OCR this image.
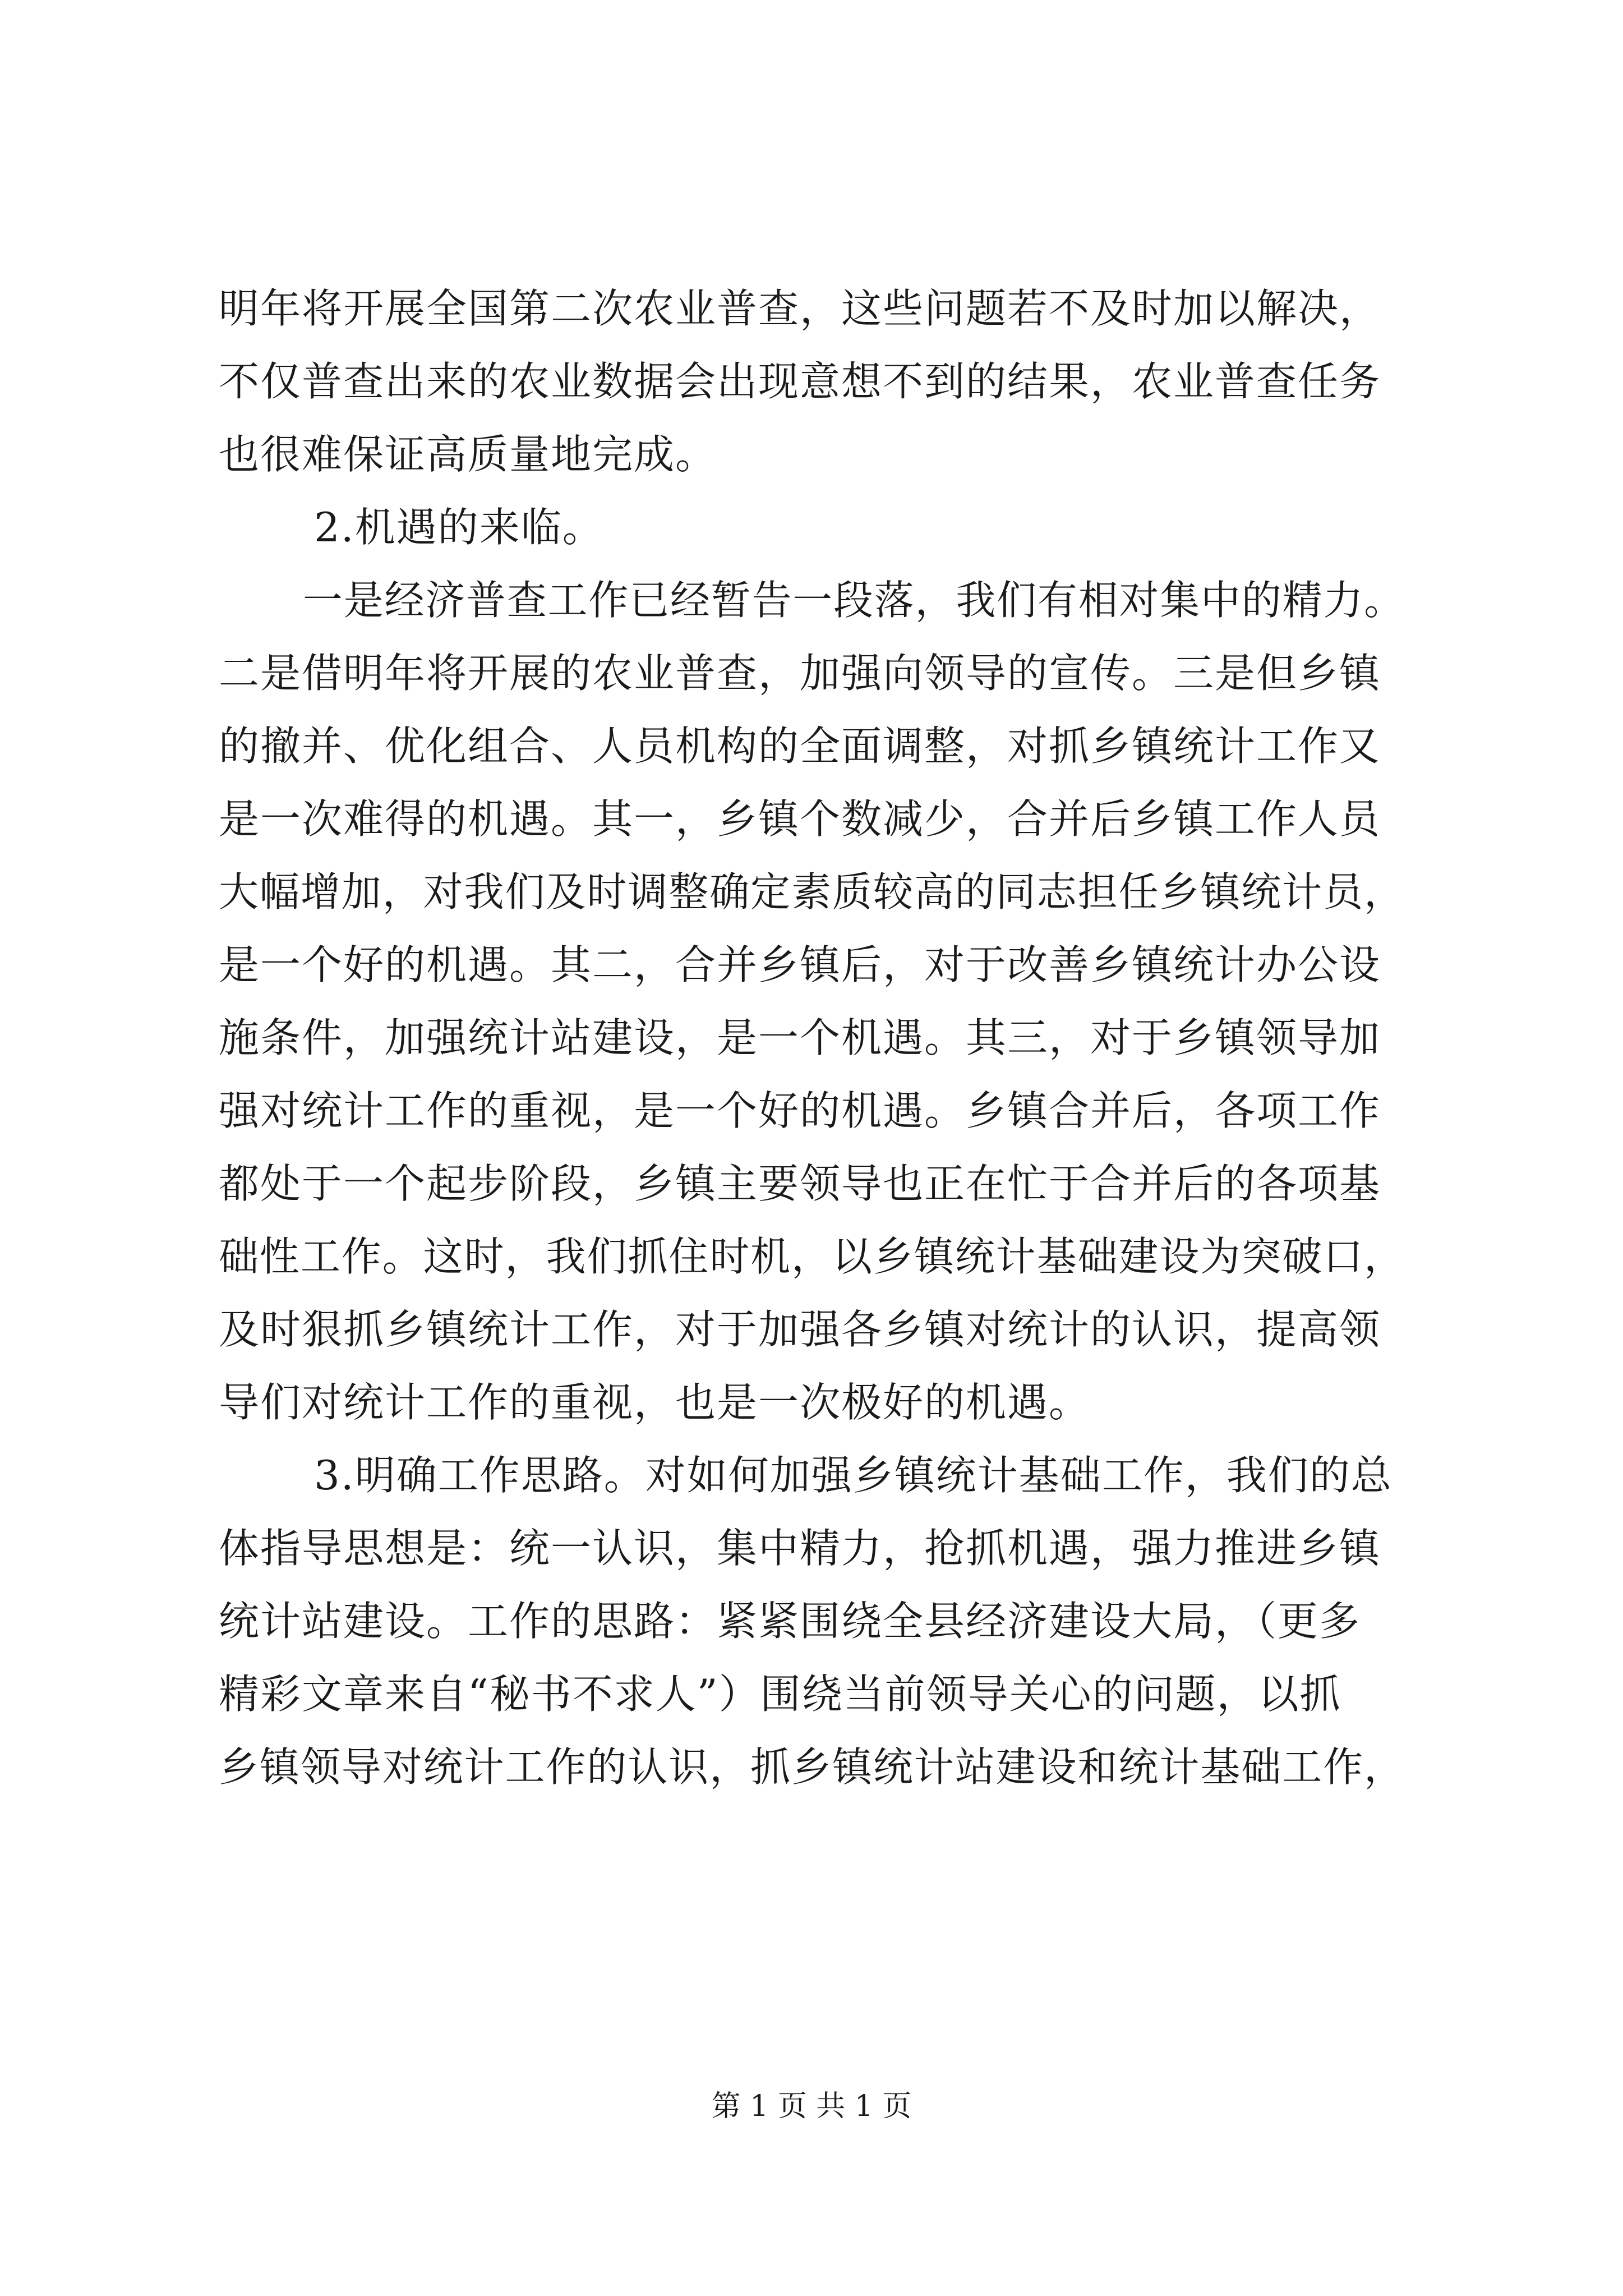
明年将开展全国第二次农业普查，这些问题若不及时加以解决，
不仅普查出来的农业数据会出现意想不到的结果，农业普查任务
也很难保证高质量地完成。
2.机遇的来临。
一是经济普查工作已经暂告一段落，我们有相对集中的精力。
二是借明年将开展的农业普查，加强向领导的宣传。三是但乡镇
的撤并、优化组合、人员机构的全面调整，对抓乡镇统计工作又
是一次难得的机遇。其一，乡镇个数减少，合并后乡镇工作人员
大幅增加，对我们及时调整确定素质较高的同志担任乡镇统计员，
是一个好的机遇。其二，合并乡镇后，对于改善乡镇统计办公设
施条件，加强统计站建设，是一个机遇。其三，对于乡镇领导加
强对统计工作的重视，是一个好的机遇。乡镇合并后，各项工作
都处于一个起步阶段，乡镇主要领导也正在忙于合并后的各项基
础性工作。这时，我们抓住时机，以乡镇统计基础建设为突破口，
及时狠抓乡镇统计工作，对于加强各乡镇对统计的认识，提高领
导们对统计工作的重视，也是一次极好的机遇。
3.明确工作思路。对如何加强乡镇统计基础工作，我们的总
体指导思想是：统一认识，集中精力，抢抓机遇，强力推进乡镇
统计站建设。工作的思路：紧紧围绕全县经济建设大局，（更多
精彩文章来自“秘书不求人”）围绕当前领导关心的问题，以抓
乡镇领导对统计工作的认识，抓乡镇统计站建设和统计基础工作，
第 1 页 共 1 页
